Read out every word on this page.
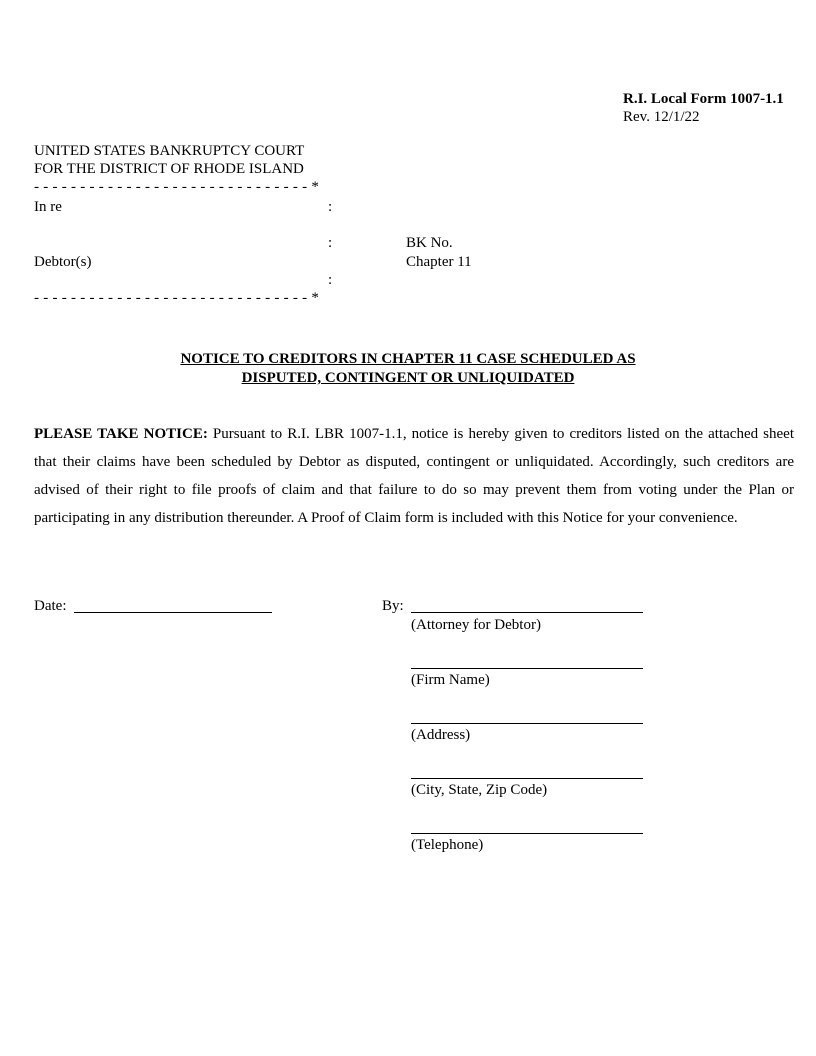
R.I. Local Form 1007-1.1
Rev. 12/1/22
UNITED STATES BANKRUPTCY COURT
FOR THE DISTRICT OF RHODE ISLAND
- - - - - - - - - - - - - - - - - - - - - - - - - - - - - - *
In re	:
:	BK No.
Debtor(s)	Chapter 11
:
- - - - - - - - - - - - - - - - - - - - - - - - - - - - - - *
NOTICE TO CREDITORS IN CHAPTER 11 CASE SCHEDULED AS
DISPUTED, CONTINGENT OR UNLIQUIDATED
PLEASE TAKE NOTICE: Pursuant to R.I. LBR 1007-1.1, notice is hereby given to creditors listed on the attached sheet that their claims have been scheduled by Debtor as disputed, contingent or unliquidated. Accordingly, such creditors are advised of their right to file proofs of claim and that failure to do so may prevent them from voting under the Plan or participating in any distribution thereunder. A Proof of Claim form is included with this Notice for your convenience.
Date:	By:
(Attorney for Debtor)
(Firm Name)
(Address)
(City, State, Zip Code)
(Telephone)
